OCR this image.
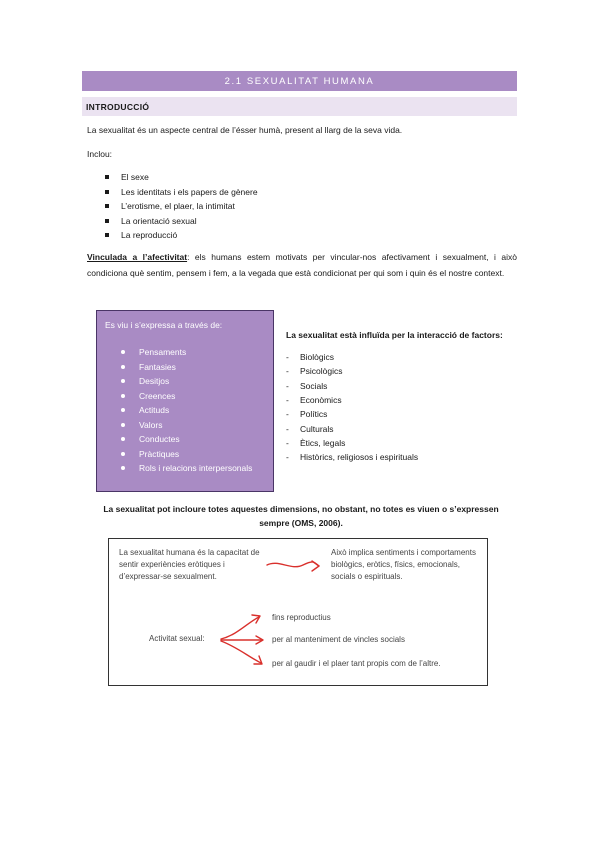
2.1 SEXUALITAT HUMANA
INTRODUCCIÓ
La sexualitat és un aspecte central de l’ésser humà, present al llarg de la seva vida.
Inclou:
El sexe
Les identitats i els papers de gènere
L’erotisme, el plaer, la intimitat
La orientació sexual
La reproducció
Vinculada a l’afectivitat: els humans estem motivats per vincular-nos afectivament i sexualment, i això condiciona què sentim, pensem i fem, a la vegada que està condicionat per qui som i quin és el nostre context.
Es viu i s’expressa a través de:
Pensaments
Fantasies
Desitjos
Creences
Actituds
Valors
Conductes
Pràctiques
Rols i relacions interpersonals
La sexualitat està influïda per la interacció de factors:
-	Biològics
-	Psicològics
-	Socials
-	Econòmics
-	Polítics
-	Culturals
-	Ètics, legals
-	Històrics, religiosos i espirituals
La sexualitat pot incloure totes aquestes dimensions, no obstant, no totes es viuen o s’expressen sempre (OMS, 2006).
La sexualitat humana és la capacitat de sentir experiències eròtiques i d’expressar-se sexualment.
Això implica sentiments i comportaments biològics, eròtics, físics, emocionals, socials o espirituals.
Activitat sexual:
fins reproductius
per al manteniment de vincles socials
per al gaudir i el plaer tant propis com de l’altre.
